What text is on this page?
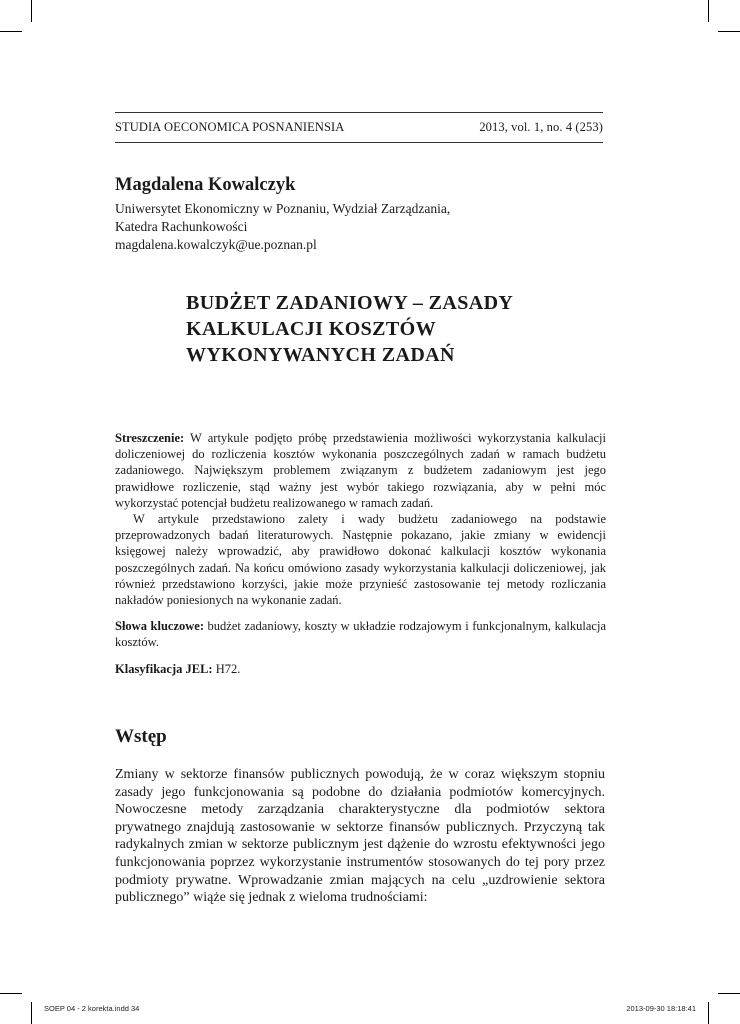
STUDIA OECONOMICA POSNANIENSIA	2013, vol. 1, no. 4 (253)
Magdalena Kowalczyk
Uniwersytet Ekonomiczny w Poznaniu, Wydział Zarządzania,
Katedra Rachunkowości
magdalena.kowalczyk@ue.poznan.pl
BUDŻET ZADANIOWY – ZASADY
KALKULACJI KOSZTÓW
WYKONYWANYCH ZADAŃ

Streszczenie: W artykule podjęto próbę przedstawienia możliwości wykorzystania kalkulacji doliczeniowej do rozliczenia kosztów wykonania poszczególnych zadań w ramach budżetu zadaniowego. Największym problemem związanym z budżetem zadaniowym jest jego prawidłowe rozliczenie, stąd ważny jest wybór takiego rozwiązania, aby w pełni móc wykorzystać potencjał budżetu realizowanego w ramach zadań.

W artykule przedstawiono zalety i wady budżetu zadaniowego na podstawie przeprowadzonych badań literaturowych. Następnie pokazano, jakie zmiany w ewidencji księgowej należy wprowadzić, aby prawidłowo dokonać kalkulacji kosztów wykonania poszczególnych zadań. Na końcu omówiono zasady wykorzystania kalkulacji doliczeniowej, jak również przedstawiono korzyści, jakie może przynieść zastosowanie tej metody rozliczania nakładów poniesionych na wykonanie zadań.

Słowa kluczowe: budżet zadaniowy, koszty w układzie rodzajowym i funkcjonalnym, kalkulacja kosztów.

Klasyfikacja JEL: H72.

Wstęp

Zmiany w sektorze finansów publicznych powodują, że w coraz większym stopniu zasady jego funkcjonowania są podobne do działania podmiotów komercyjnych. Nowoczesne metody zarządzania charakterystyczne dla podmiotów sektora prywatnego znajdują zastosowanie w sektorze finansów publicznych. Przyczyną tak radykalnych zmian w sektorze publicznym jest dążenie do wzrostu efektywności jego funkcjonowania poprzez wykorzystanie instrumentów stosowanych do tej pory przez podmioty prywatne. Wprowadzanie zmian mających na celu „uzdrowienie sektora publicznego” wiąże się jednak z wieloma trudnościami:

SOEP 04 - 2 korekta.indd 34	2013-09-30 18:18:41
